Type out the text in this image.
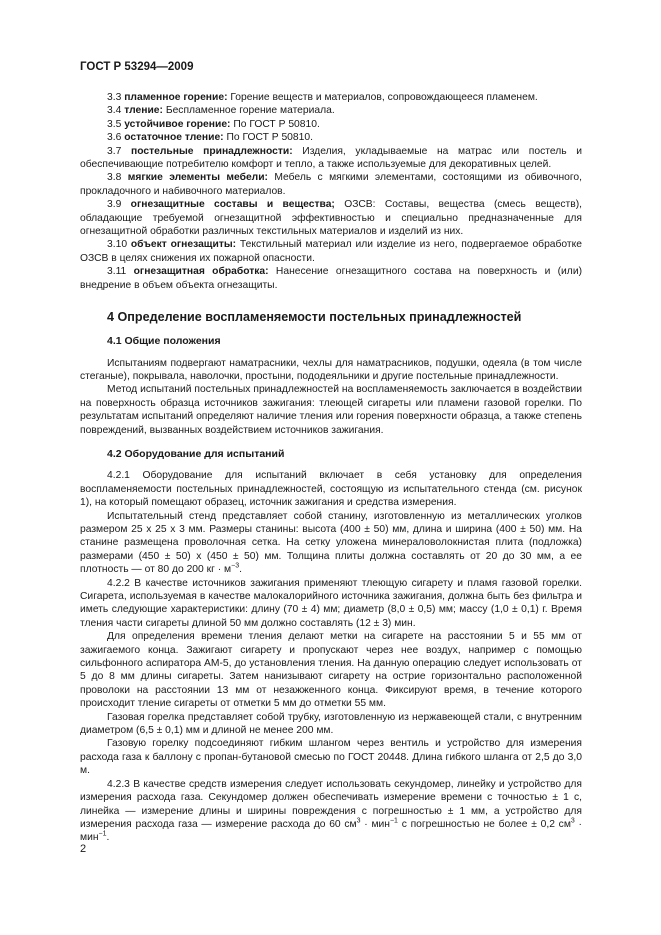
ГОСТ Р 53294—2009

3.3 пламенное горение: Горение веществ и материалов, сопровождающееся пламенем.

3.4 тление: Беспламенное горение материала.

3.5 устойчивое горение: По ГОСТ Р 50810.

3.6 остаточное тление: По ГОСТ Р 50810.

3.7 постельные принадлежности: Изделия, укладываемые на матрас или постель и обеспечивающие потребителю комфорт и тепло, а также используемые для декоративных целей.

3.8 мягкие элементы мебели: Мебель с мягкими элементами, состоящими из обивочного, прокладочного и набивочного материалов.

3.9 огнезащитные составы и вещества; ОЗСВ: Составы, вещества (смесь веществ), обладающие требуемой огнезащитной эффективностью и специально предназначенные для огнезащитной обработки различных текстильных материалов и изделий из них.

3.10 объект огнезащиты: Текстильный материал или изделие из него, подвергаемое обработке ОЗСВ в целях снижения их пожарной опасности.

3.11 огнезащитная обработка: Нанесение огнезащитного состава на поверхность и (или) внедрение в объем объекта огнезащиты.

4 Определение воспламеняемости постельных принадлежностей
4.1 Общие положения

Испытаниям подвергают наматрасники, чехлы для наматрасников, подушки, одеяла (в том числе стеганые), покрывала, наволочки, простыни, пододеяльники и другие постельные принадлежности.

Метод испытаний постельных принадлежностей на воспламеняемость заключается в воздействии на поверхность образца источников зажигания: тлеющей сигареты или пламени газовой горелки. По результатам испытаний определяют наличие тления или горения поверхности образца, а также степень повреждений, вызванных воздействием источников зажигания.

4.2 Оборудование для испытаний

4.2.1 Оборудование для испытаний включает в себя установку для определения воспламеняемости постельных принадлежностей, состоящую из испытательного стенда (см. рисунок 1), на который помещают образец, источник зажигания и средства измерения.

Испытательный стенд представляет собой станину, изготовленную из металлических уголков размером 25 х 25 х 3 мм. Размеры станины: высота (400 ± 50) мм, длина и ширина (400 ± 50) мм. На станине размещена проволочная сетка. На сетку уложена минераловолокнистая плита (подложка) размерами (450 ± 50) х (450 ± 50) мм. Толщина плиты должна составлять от 20 до 30 мм, а ее плотность — от 80 до 200 кг · $м^{-3}$.

4.2.2 В качестве источников зажигания применяют тлеющую сигарету и пламя газовой горелки. Сигарета, используемая в качестве малокалорийного источника зажигания, должна быть без фильтра и иметь следующие характеристики: длину (70 ± 4) мм; диаметр (8,0 ± 0,5) мм; массу (1,0 ± 0,1) г. Время тления части сигареты длиной 50 мм должно составлять (12 ± 3) мин.

Для определения времени тления делают метки на сигарете на расстоянии 5 и 55 мм от зажигаемого конца. Зажигают сигарету и пропускают через нее воздух, например с помощью сильфонного аспиратора АМ-5, до установления тления. На данную операцию следует использовать от 5 до 8 мм длины сигареты. Затем нанизывают сигарету на острие горизонтально расположенной проволоки на расстоянии 13 мм от незажженного конца. Фиксируют время, в течение которого происходит тление сигареты от отметки 5 мм до отметки 55 мм.

Газовая горелка представляет собой трубку, изготовленную из нержавеющей стали, с внутренним диаметром (6,5 ± 0,1) мм и длиной не менее 200 мм.

Газовую горелку подсоединяют гибким шлангом через вентиль и устройство для измерения расхода газа к баллону с пропан-бутановой смесью по ГОСТ 20448. Длина гибкого шланга от 2,5 до 3,0 м.

4.2.3 В качестве средств измерения следует использовать секундомер, линейку и устройство для измерения расхода газа. Секундомер должен обеспечивать измерение времени с точностью ± 1 с, линейка — измерение длины и ширины повреждения с погрешностью ± 1 мм, а устройство для измерения расхода газа — измерение расхода до 60 $см^3 \cdot мин^{-1}$ с погрешностью не более ± 0,2 $см^3 \cdot мин^{-1}$.

2
